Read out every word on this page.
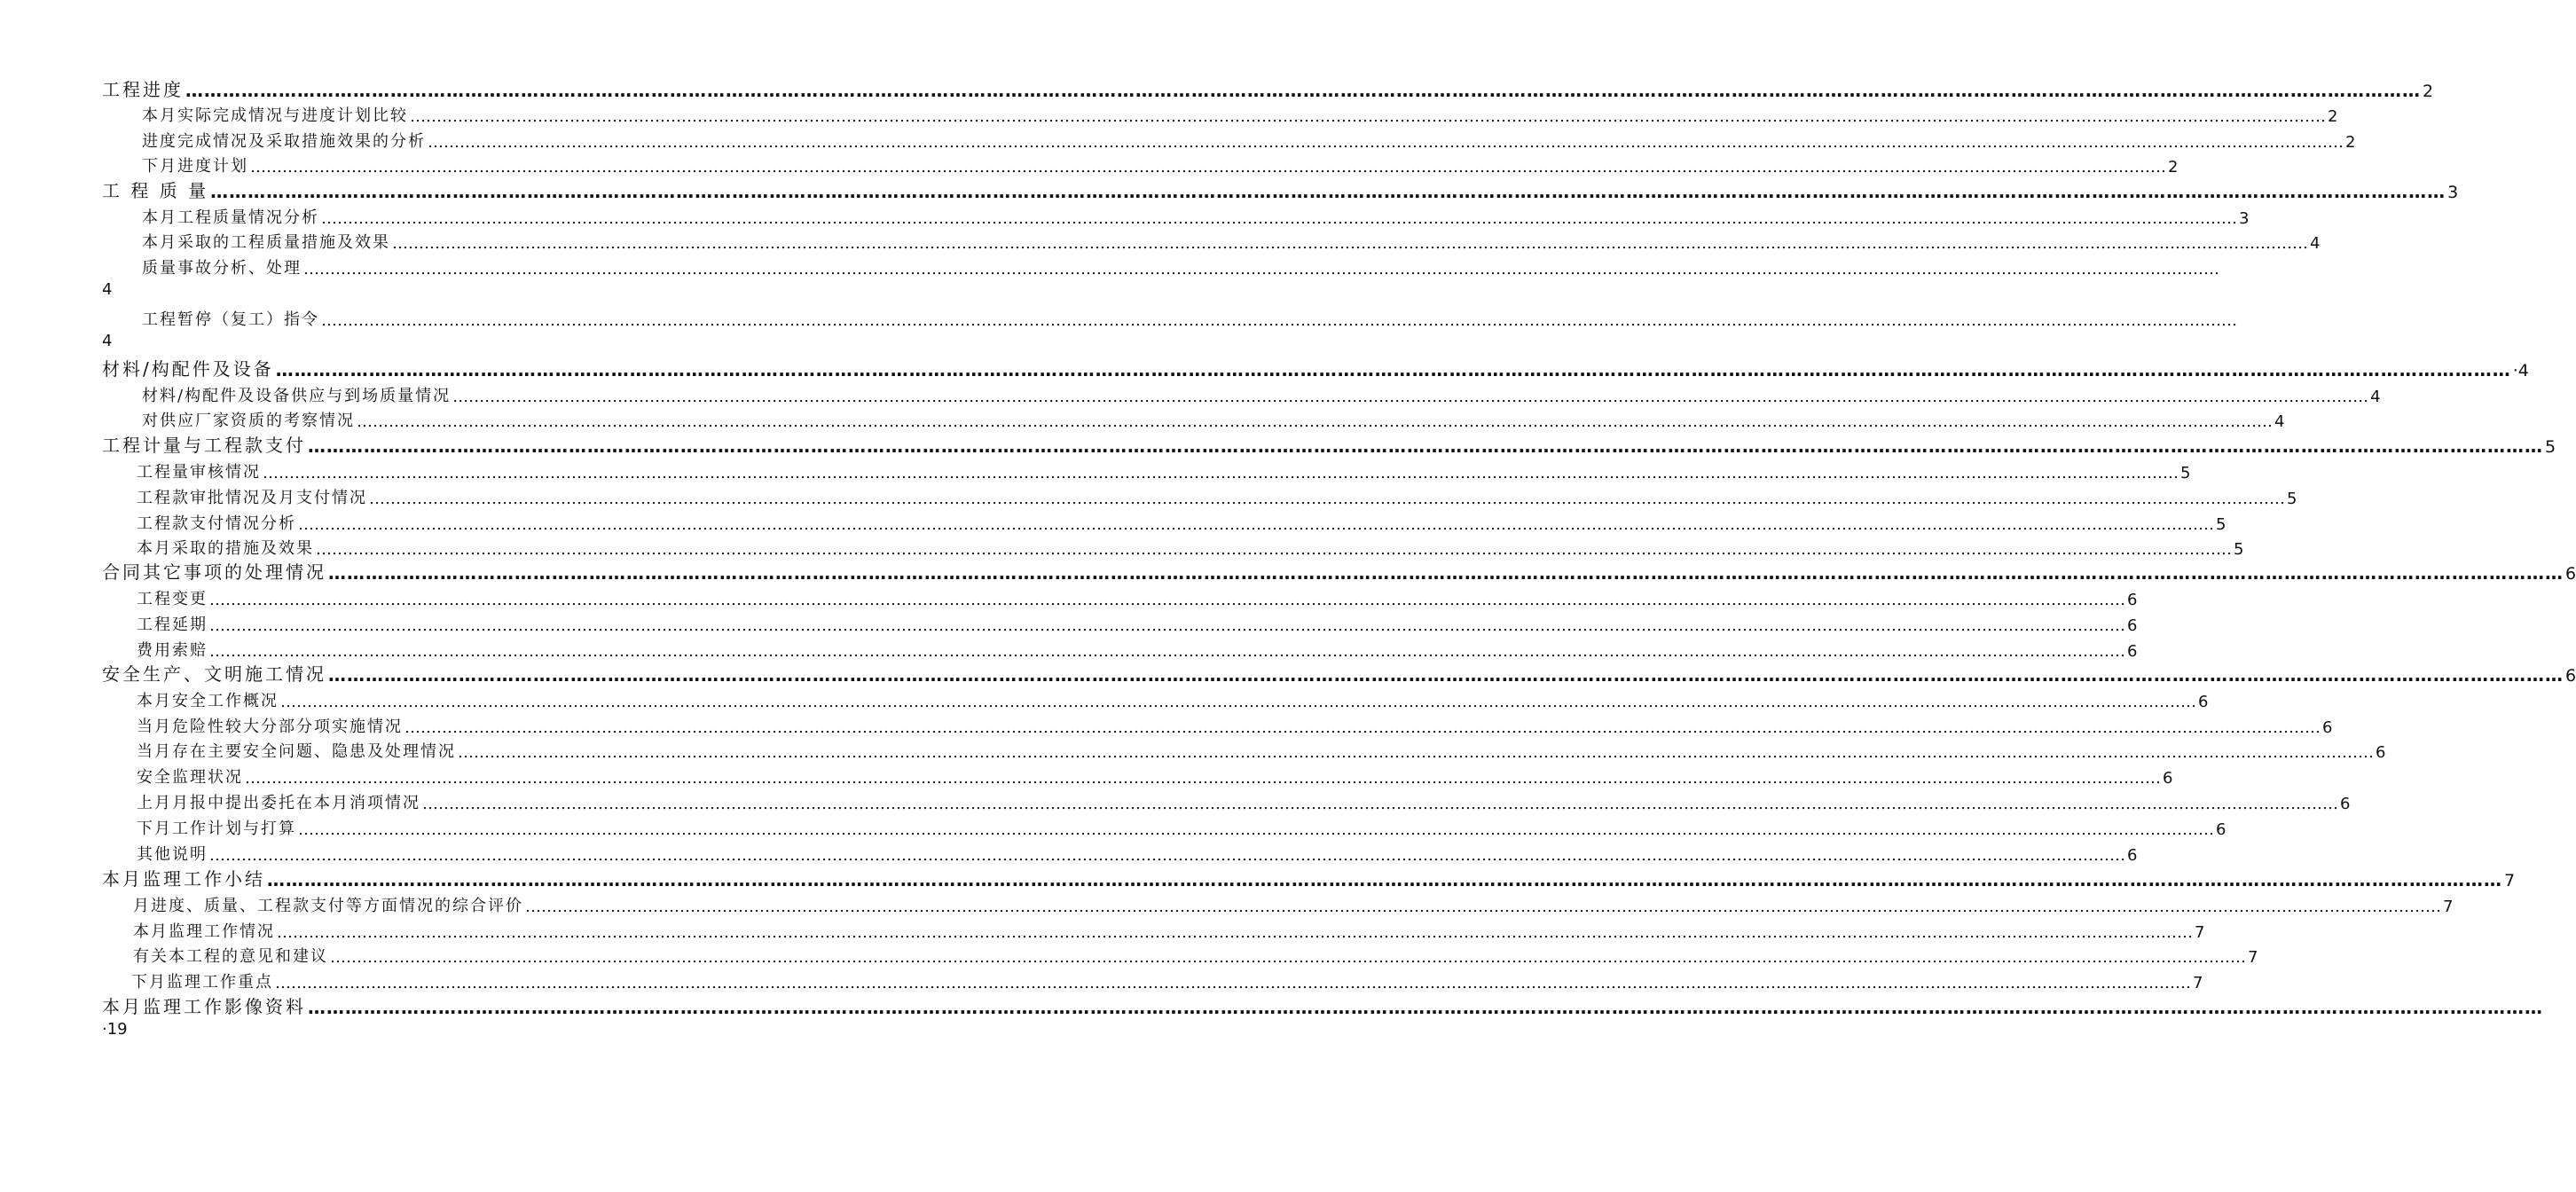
工程进度 ……………………………………………………………………………………………………………………………………………………………………………………………………………………………………………………………………………………………………………………………… 2
本月实际完成情况与进度计划比较 ……………………………………………………………………………………………………………………………………………………………………………………………………………………………………………………………………………………………………………………………… 2
进度完成情况及采取措施效果的分析 ……………………………………………………………………………………………………………………………………………………………………………………………………………………………………………………………………………………………………………………………… 2
下月进度计划 ……………………………………………………………………………………………………………………………………………………………………………………………………………………………………………………………………………………………………………………………… 2
工 程 质 量 ……………………………………………………………………………………………………………………………………………………………………………………………………………………………………………………………………………………………………………………………… 3
本月工程质量情况分析 ……………………………………………………………………………………………………………………………………………………………………………………………………………………………………………………………………………………………………………………………… 3
本月采取的工程质量措施及效果 ……………………………………………………………………………………………………………………………………………………………………………………………………………………………………………………………………………………………………………………………… 4
质量事故分析、处理 ………………………………………………………………………………………………………………………………………………………………………………………………………………………………………………………………………………………………………………………………
4
工程暂停（复工）指令 ………………………………………………………………………………………………………………………………………………………………………………………………………………………………………………………………………………………………………………………………
4
材料/构配件及设备 ……………………………………………………………………………………………………………………………………………………………………………………………………………………………………………………………………………………………………………………………… ·4
材料/构配件及设备供应与到场质量情况 ……………………………………………………………………………………………………………………………………………………………………………………………………………………………………………………………………………………………………………………………… 4
对供应厂家资质的考察情况 ……………………………………………………………………………………………………………………………………………………………………………………………………………………………………………………………………………………………………………………………… 4
工程计量与工程款支付 ……………………………………………………………………………………………………………………………………………………………………………………………………………………………………………………………………………………………………………………………… 5
工程量审核情况 ……………………………………………………………………………………………………………………………………………………………………………………………………………………………………………………………………………………………………………………………… 5
工程款审批情况及月支付情况 ……………………………………………………………………………………………………………………………………………………………………………………………………………………………………………………………………………………………………………………………… 5
工程款支付情况分析 ……………………………………………………………………………………………………………………………………………………………………………………………………………………………………………………………………………………………………………………………… 5
本月采取的措施及效果 ……………………………………………………………………………………………………………………………………………………………………………………………………………………………………………………………………………………………………………………………… 5
合同其它事项的处理情况 ……………………………………………………………………………………………………………………………………………………………………………………………………………………………………………………………………………………………………………………………… 6
工程变更 ……………………………………………………………………………………………………………………………………………………………………………………………………………………………………………………………………………………………………………………………… 6
工程延期 ……………………………………………………………………………………………………………………………………………………………………………………………………………………………………………………………………………………………………………………………… 6
费用索赔 ……………………………………………………………………………………………………………………………………………………………………………………………………………………………………………………………………………………………………………………………… 6
安全生产、文明施工情况 ……………………………………………………………………………………………………………………………………………………………………………………………………………………………………………………………………………………………………………………………… 6
本月安全工作概况 ……………………………………………………………………………………………………………………………………………………………………………………………………………………………………………………………………………………………………………………………… 6
当月危险性较大分部分项实施情况 ……………………………………………………………………………………………………………………………………………………………………………………………………………………………………………………………………………………………………………………………… 6
当月存在主要安全问题、隐患及处理情况 ……………………………………………………………………………………………………………………………………………………………………………………………………………………………………………………………………………………………………………………………… 6
安全监理状况 ……………………………………………………………………………………………………………………………………………………………………………………………………………………………………………………………………………………………………………………………… 6
上月月报中提出委托在本月消项情况 ……………………………………………………………………………………………………………………………………………………………………………………………………………………………………………………………………………………………………………………………… 6
下月工作计划与打算 ……………………………………………………………………………………………………………………………………………………………………………………………………………………………………………………………………………………………………………………………… 6
其他说明 ……………………………………………………………………………………………………………………………………………………………………………………………………………………………………………………………………………………………………………………………… 6
本月监理工作小结 ……………………………………………………………………………………………………………………………………………………………………………………………………………………………………………………………………………………………………………………………… 7
月进度、质量、工程款支付等方面情况的综合评价 ……………………………………………………………………………………………………………………………………………………………………………………………………………………………………………………………………………………………………………………………… 7
本月监理工作情况 ……………………………………………………………………………………………………………………………………………………………………………………………………………………………………………………………………………………………………………………………… 7
有关本工程的意见和建议 ……………………………………………………………………………………………………………………………………………………………………………………………………………………………………………………………………………………………………………………………… 7
下月监理工作重点 ……………………………………………………………………………………………………………………………………………………………………………………………………………………………………………………………………………………………………………………………… 7
本月监理工作影像资料 ………………………………………………………………………………………………………………………………………………………………………………………………………………………………………………………………………………………………………………………………
·19
